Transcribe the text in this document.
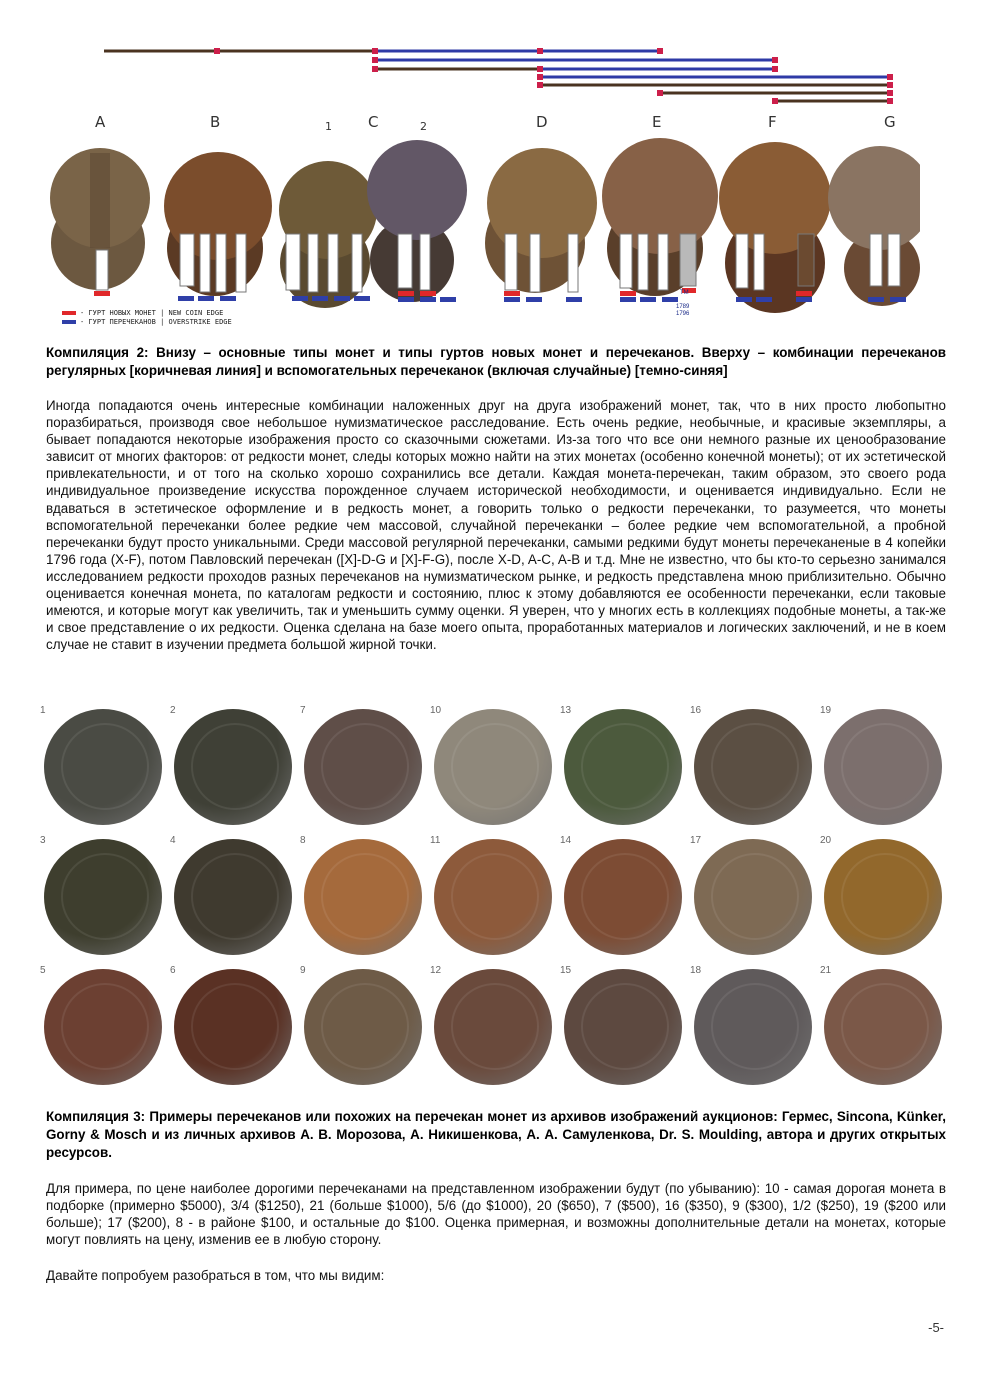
A	B	1 C	2	D	E	F	G
TM
1789
1796
- ГУРТ НОВЫХ МОНЕТ | NEW COIN EDGE
- ГУРТ ПЕРЕЧЕКАНОВ | OVERSTRIKE EDGE
Компиляция 2: Внизу – основные типы монет и типы гуртов новых монет и перечеканов. Вверху – комбинации перечеканов регулярных [коричневая линия] и вспомогательных перечеканок (включая случайные) [темно-синяя]
Иногда попадаются очень интересные комбинации наложенных друг на друга изображений монет, так, что в них просто любопытно поразбираться, производя свое небольшое нумизматическое расследование. Есть очень редкие, необычные, и красивые экземпляры, а бывает попадаются некоторые изображения просто со сказочными сюжетами. Из-за того что все они немного разные их ценообразование зависит от многих факторов: от редкости монет, следы которых можно найти на этих монетах (особенно конечной монеты); от их эстетической привлекательности, и от того на сколько хорошо сохранились все детали. Каждая монета-перечекан, таким образом, это своего рода индивидуальное произведение искусства порожденное случаем исторической необходимости, и оценивается индивидуально. Если не вдаваться в эстетическое оформление и в редкость монет, а говорить только о редкости перечеканки, то разумеется, что монеты вспомогательной перечеканки более редкие чем массовой, случайной перечеканки – более редкие чем вспомогательной, а пробной перечеканки будут просто уникальными. Среди массовой регулярной перечеканки, самыми редкими будут монеты перечеканеные в 4 копейки 1796 года (X-F), потом Павловский перечекан ([X]-D-G и [X]-F-G), после X-D, A-C, A-B и т.д. Мне не известно, что бы кто-то серьезно занимался исследованием редкости проходов разных перечеканов на нумизматическом рынке, и редкость представлена мною приблизительно. Обычно оценивается конечная монета, по каталогам редкости и состоянию, плюс к этому добавляются ее особенности перечеканки, если таковые имеются, и которые могут как увеличить, так и уменьшить сумму оценки. Я уверен, что у многих есть в коллекциях подобные монеты, а так-же и свое представление о их редкости. Оценка сделана на базе моего опыта, проработанных материалов и логических заключений, и не в коем случае не ставит в изучении предмета большой жирной точки.
1	2	7	10	13	16	19
3	4	8	11	14	17	20
5	6	9	12	15	18	21
Компиляция 3: Примеры перечеканов или похожих на перечекан монет из архивов изображений аукционов: Гермес, Sincona, Künker, Gorny & Mosch и из личных архивов А. В. Морозова, А. Никишенкова, А. А. Самуленкова, Dr. S. Moulding, автора и других открытых ресурсов.
Для примера, по цене наиболее дорогими перечеканами на представленном изображении будут (по убыванию): 10 - самая дорогая монета в подборке (примерно $5000), 3/4 ($1250), 21 (больше $1000), 5/6 (до $1000), 20 ($650), 7 ($500), 16 ($350), 9 ($300), 1/2 ($250), 19 ($200 или больше); 17 ($200), 8 - в районе $100, и остальные до $100. Оценка примерная, и возможны дополнительные детали на монетах, которые могут повлиять на цену, изменив ее в любую сторону.
Давайте попробуем разобраться в том, что мы видим:
-5-
